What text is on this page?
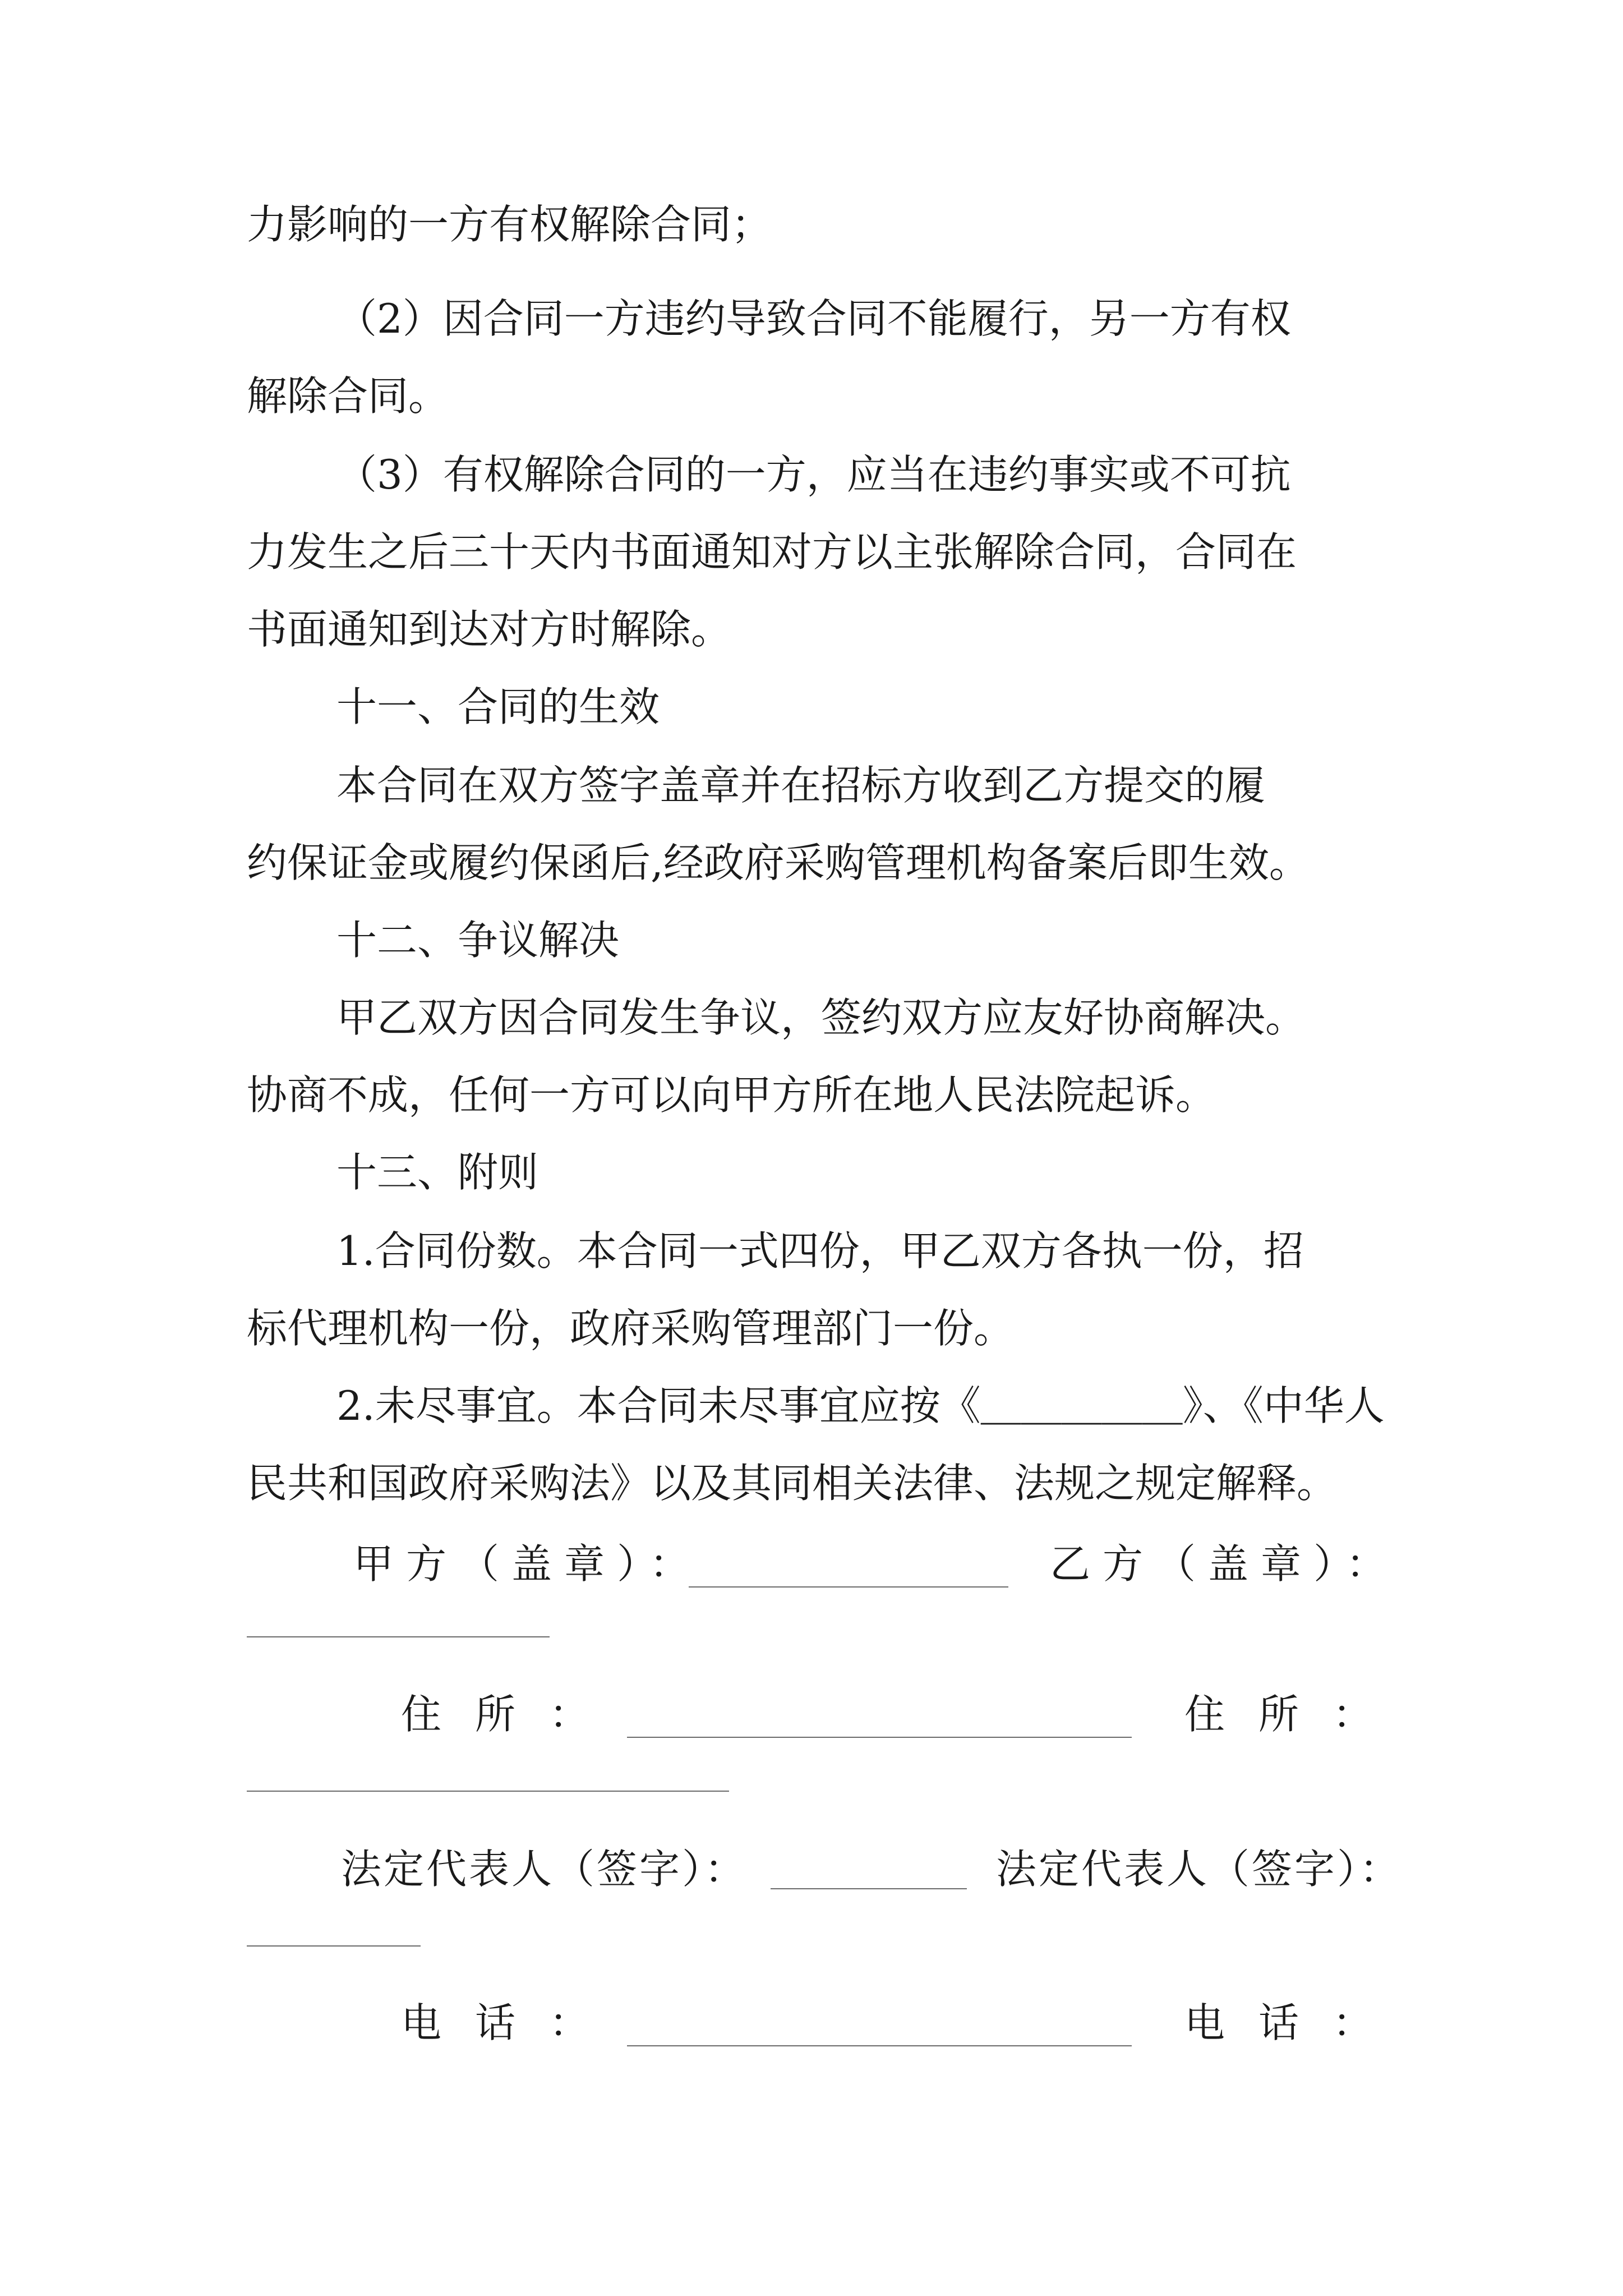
力影响的一方有权解除合同；
（2）因合同一方违约导致合同不能履行，另一方有权
解除合同。
（3）有权解除合同的一方，应当在违约事实或不可抗
力发生之后三十天内书面通知对方以主张解除合同，合同在
书面通知到达对方时解除。
十一、合同的生效
本合同在双方签字盖章并在招标方收到乙方提交的履
约保证金或履约保函后,经政府采购管理机构备案后即生效。
十二、争议解决
甲乙双方因合同发生争议，签约双方应友好协商解决。
协商不成，任何一方可以向甲方所在地人民法院起诉。
十三、附则
1.合同份数。本合同一式四份，甲乙双方各执一份，招
标代理机构一份，政府采购管理部门一份。
2.未尽事宜。本合同未尽事宜应按《＿＿＿＿＿》、《中华人
民共和国政府采购法》以及其同相关法律、法规之规定解释。
甲方（盖章）：	乙方（盖章）：
住所：	住所：
法定代表人（签字）：	法定代表人（签字）：
电话：	电话：
